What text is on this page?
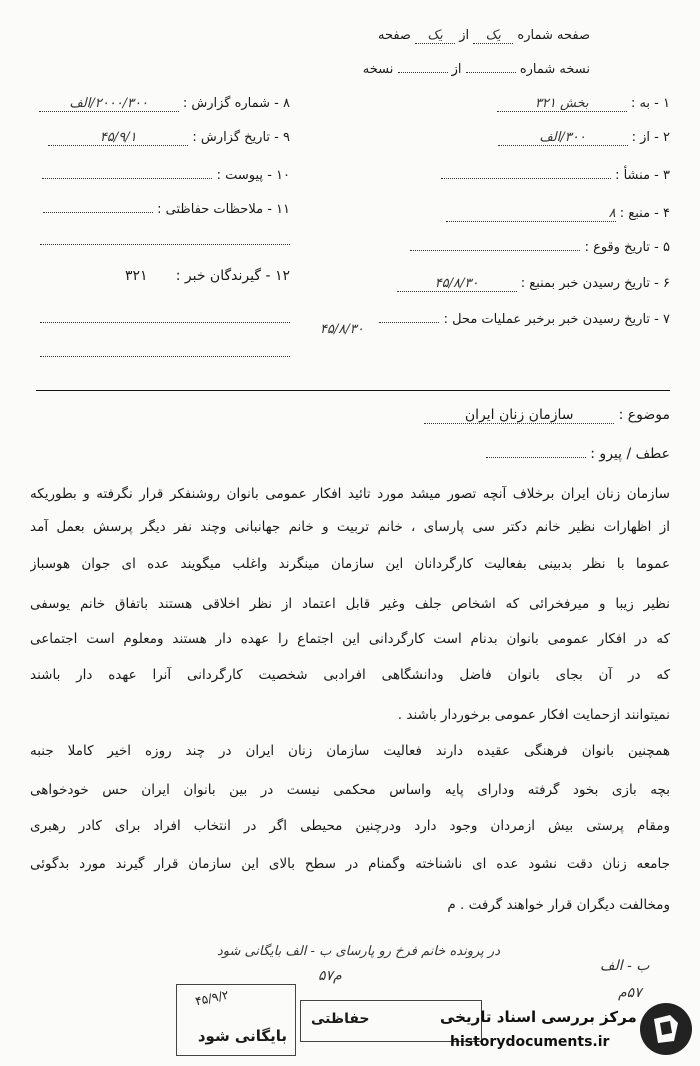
صفحه شماره یک از یک صفحه
نسخه شماره  از  نسخه
۱ - به : بخش ۳۲۱
۲ - از : ۳۰۰/الف
۳ - منشأ :
۴ - منبع : ۸
۵ - تاریخ وقوع :
۶ - تاریخ رسیدن خبر بمنبع : ۴۵/۸/۳۰
۷ - تاریخ رسیدن خبر برخبر عملیات محل :
۴۵/۸/۳۰
۸ - شماره گزارش : ۲۰۰۰/۳۰۰/الف
۹ - تاریخ گزارش : ۴۵/۹/۱
۱۰ - پیوست :
۱۱ - ملاحظات حفاظتی :
۱۲ - گیرندگان خبر : ۳۲۱
موضوع : سازمان زنان ایران
عطف / پیرو :
سازمان زنان ایران برخلاف آنچه تصور میشد مورد تائید افکار عمومی بانوان روشنفکر قرار نگرفته و بطوریکه
از اظهارات نظیر خانم دکتر سی پارسای ، خانم تربیت و خانم جهانبانی وچند نفر دیگر پرسش بعمل آمد
عموما با نظر بدبینی بفعالیت کارگردانان این سازمان مینگرند واغلب میگویند عده ای جوان هوسباز
نظیر زیبا و میرفخرائی که اشخاص جلف وغیر قابل اعتماد از نظر اخلاقی هستند باتفاق خانم یوسفی
که در افکار عمومی بانوان بدنام است کارگردانی این اجتماع را عهده دار هستند ومعلوم است اجتماعی
که در آن بجای بانوان فاضل ودانشگاهی افرادبی شخصیت کارگردانی آنرا عهده دار باشند
نمیتوانند ازحمایت افکار عمومی برخوردار باشند .
همچنین بانوان فرهنگی عقیده دارند فعالیت سازمان زنان ایران در چند روزه اخیر کاملا جنبه
بچه بازی بخود گرفته ودارای پایه واساس محکمی نیست در بین بانوان ایران حس خودخواهی
ومقام پرستی بیش ازمردان وجود دارد ودرچنین محیطی اگر در انتخاب افراد برای کادر رهبری
جامعه زنان دقت نشود عده ای ناشناخته وگمنام در سطح بالای این سازمان قرار گیرند مورد بدگوئی
ومخالفت دیگران قرار خواهند گرفت . م
در پرونده خانم فرخ رو پارسای ب - الف بایگانی شود
۵۷م
ب - الف
۵۷م
۴۵/۹/۲
بایگانی شود
حفاظتی	مرکز بررسی اسناد تاریخی
historydocuments.ir
